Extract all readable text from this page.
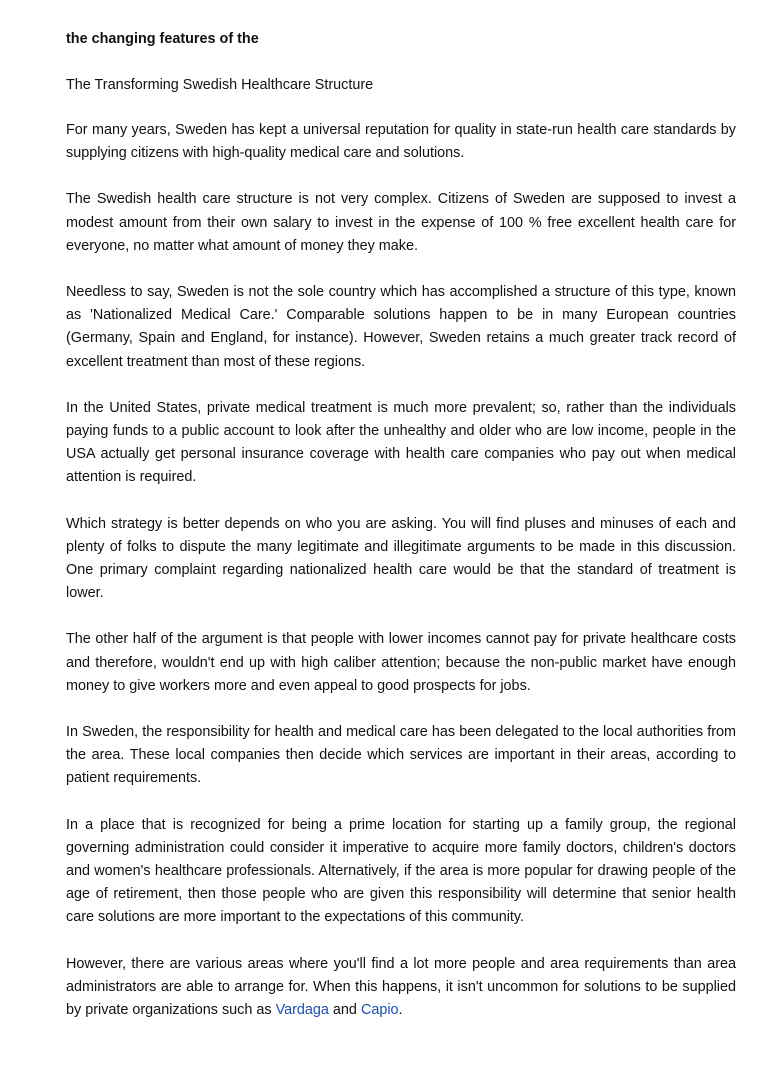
the changing features of the

The Transforming Swedish Healthcare Structure

For many years, Sweden has kept a universal reputation for quality in state-run health care standards by supplying citizens with high-quality medical care and solutions.

The Swedish health care structure is not very complex. Citizens of Sweden are supposed to invest a modest amount from their own salary to invest in the expense of 100 % free excellent health care for everyone, no matter what amount of money they make.

Needless to say, Sweden is not the sole country which has accomplished a structure of this type, known as 'Nationalized Medical Care.' Comparable solutions happen to be in many European countries (Germany, Spain and England, for instance). However, Sweden retains a much greater track record of excellent treatment than most of these regions.

In the United States, private medical treatment is much more prevalent; so, rather than the individuals paying funds to a public account to look after the unhealthy and older who are low income, people in the USA actually get personal insurance coverage with health care companies who pay out when medical attention is required.

Which strategy is better depends on who you are asking. You will find pluses and minuses of each and plenty of folks to dispute the many legitimate and illegitimate arguments to be made in this discussion. One primary complaint regarding nationalized health care would be that the standard of treatment is lower.

The other half of the argument is that people with lower incomes cannot pay for private healthcare costs and therefore, wouldn't end up with high caliber attention; because the non-public market have enough money to give workers more and even appeal to good prospects for jobs.

In Sweden, the responsibility for health and medical care has been delegated to the local authorities from the area. These local companies then decide which services are important in their areas, according to patient requirements.

In a place that is recognized for being a prime location for starting up a family group, the regional governing administration could consider it imperative to acquire more family doctors, children's doctors and women's healthcare professionals. Alternatively, if the area is more popular for drawing people of the age of retirement, then those people who are given this responsibility will determine that senior health care solutions are more important to the expectations of this community.

However, there are various areas where you'll find a lot more people and area requirements than area administrators are able to arrange for. When this happens, it isn't uncommon for solutions to be supplied by private organizations such as Vardaga and Capio.
